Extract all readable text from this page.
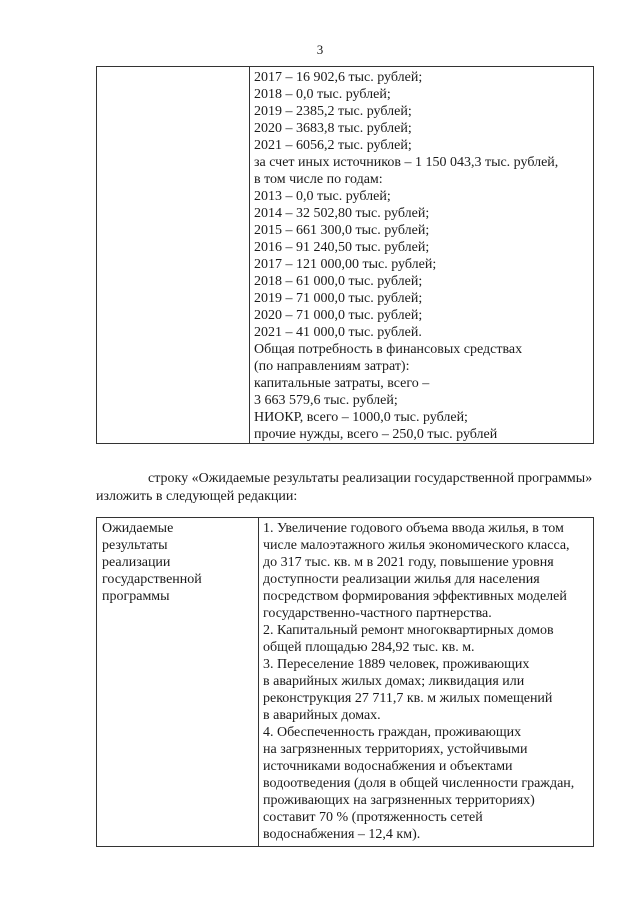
3

2017 – 16 902,6 тыс. рублей;
2018 – 0,0 тыс. рублей;
2019 – 2385,2 тыс. рублей;
2020 – 3683,8 тыс. рублей;
2021 – 6056,2 тыс. рублей;
за счет иных источников – 1 150 043,3 тыс. рублей,
в том числе по годам:
2013 – 0,0 тыс. рублей;
2014 – 32 502,80 тыс. рублей;
2015 – 661 300,0 тыс. рублей;
2016 – 91 240,50 тыс. рублей;
2017 – 121 000,00 тыс. рублей;
2018 – 61 000,0 тыс. рублей;
2019 – 71 000,0 тыс. рублей;
2020 – 71 000,0 тыс. рублей;
2021 – 41 000,0 тыс. рублей.
Общая потребность в финансовых средствах
(по направлениям затрат):
капитальные затраты, всего –
3 663 579,6 тыс. рублей;
НИОКР, всего – 1000,0 тыс. рублей;
прочие нужды, всего – 250,0 тыс. рублей
строку «Ожидаемые результаты реализации государственной программы»
изложить в следующей редакции:
Ожидаемые
результаты
реализации
государственной
программы

1. Увеличение годового объема ввода жилья, в том
числе малоэтажного жилья экономического класса,
до 317 тыс. кв. м в 2021 году, повышение уровня
доступности реализации жилья для населения
посредством формирования эффективных моделей
государственно-частного партнерства.
2. Капитальный ремонт многоквартирных домов
общей площадью 284,92 тыс. кв. м.
3. Переселение 1889 человек, проживающих
в аварийных жилых домах; ликвидация или
реконструкция 27 711,7 кв. м жилых помещений
в аварийных домах.
4. Обеспеченность граждан, проживающих
на загрязненных территориях, устойчивыми
источниками водоснабжения и объектами
водоотведения (доля в общей численности граждан,
проживающих на загрязненных территориях)
составит 70 % (протяженность сетей
водоснабжения – 12,4 км).
